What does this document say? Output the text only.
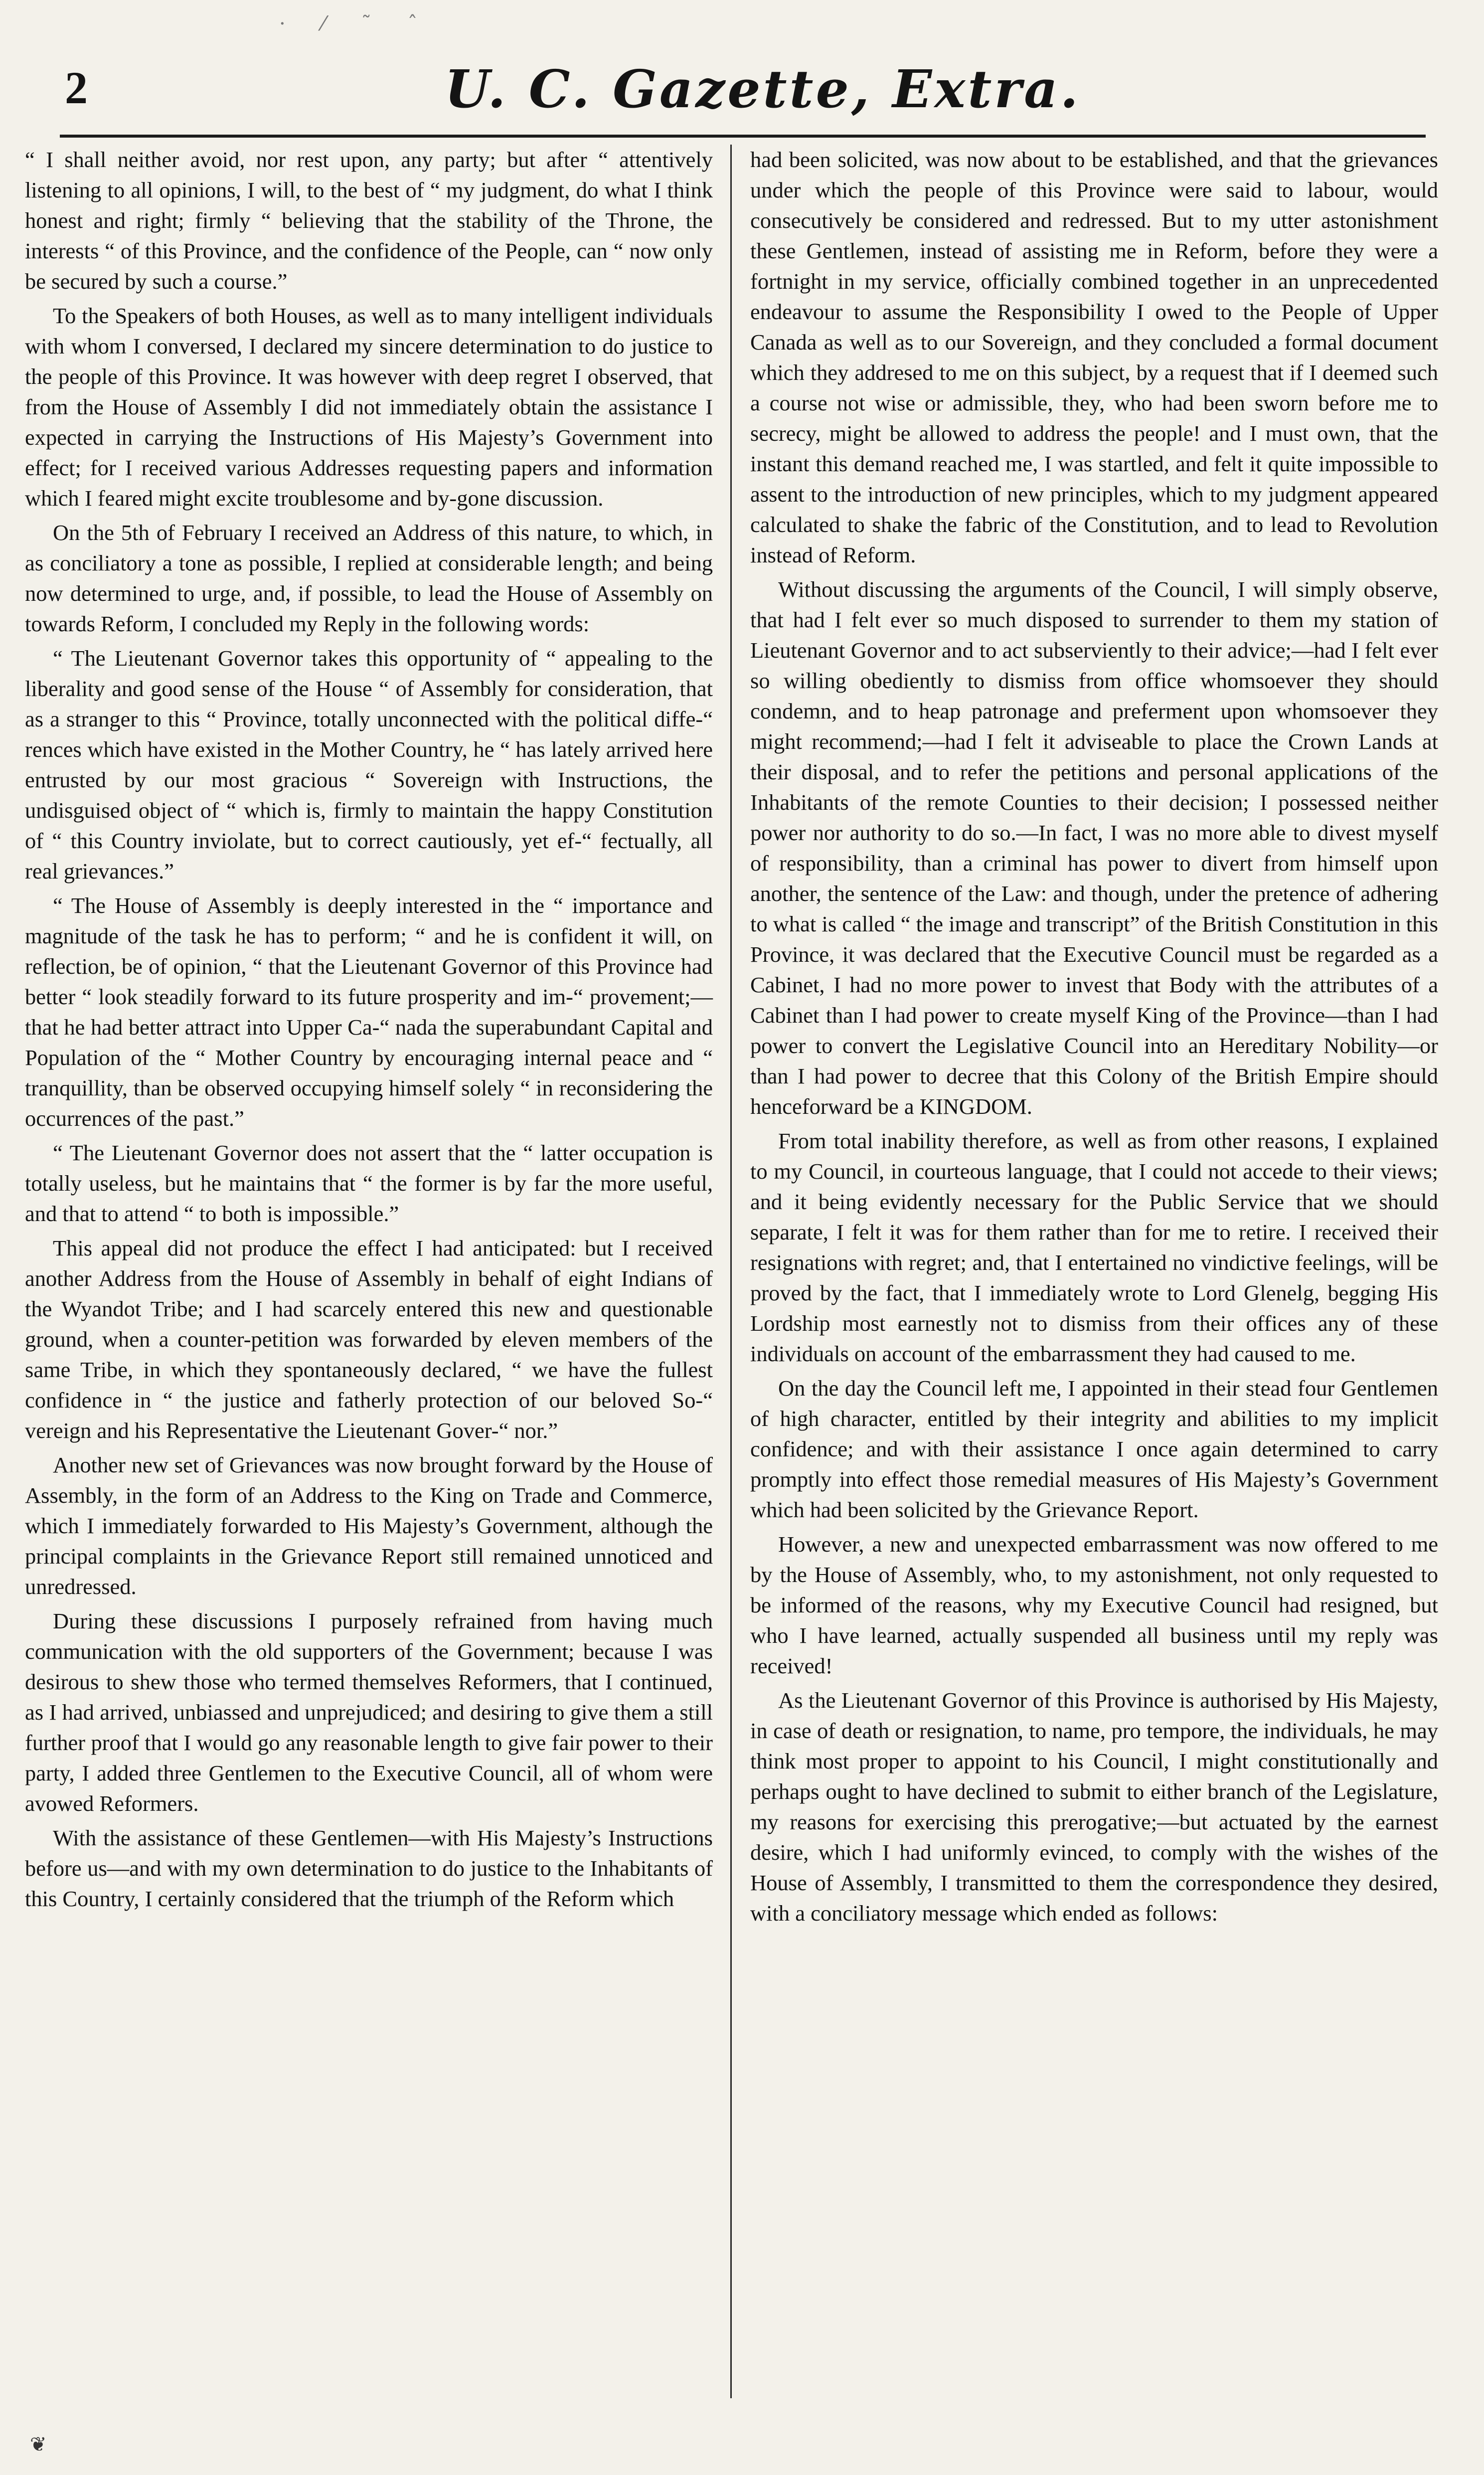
· ⁄ ˜ ˆ
2	U. C. Gazette, Extra.

“ I shall neither avoid, nor rest upon, any party; but after “ attentively listening to all opinions, I will, to the best of “ my judgment, do what I think honest and right; firmly “ believing that the stability of the Throne, the interests “ of this Province, and the confidence of the People, can “ now only be secured by such a course.”

To the Speakers of both Houses, as well as to many intelligent individuals with whom I conversed, I declared my sincere determination to do justice to the people of this Province. It was however with deep regret I observed, that from the House of Assembly I did not immediately obtain the assistance I expected in carrying the Instructions of His Majesty’s Government into effect; for I received various Addresses requesting papers and information which I feared might excite troublesome and by-gone discussion.

On the 5th of February I received an Address of this nature, to which, in as conciliatory a tone as possible, I replied at considerable length; and being now determined to urge, and, if possible, to lead the House of Assembly on towards Reform, I concluded my Reply in the following words:

“ The Lieutenant Governor takes this opportunity of “ appealing to the liberality and good sense of the House “ of Assembly for consideration, that as a stranger to this “ Province, totally unconnected with the political diffe-“ rences which have existed in the Mother Country, he “ has lately arrived here entrusted by our most gracious “ Sovereign with Instructions, the undisguised object of “ which is, firmly to maintain the happy Constitution of “ this Country inviolate, but to correct cautiously, yet ef-“ fectually, all real grievances.”

“ The House of Assembly is deeply interested in the “ importance and magnitude of the task he has to perform; “ and he is confident it will, on reflection, be of opinion, “ that the Lieutenant Governor of this Province had better “ look steadily forward to its future prosperity and im-“ provement;—that he had better attract into Upper Ca-“ nada the superabundant Capital and Population of the “ Mother Country by encouraging internal peace and “ tranquillity, than be observed occupying himself solely “ in reconsidering the occurrences of the past.”

“ The Lieutenant Governor does not assert that the “ latter occupation is totally useless, but he maintains that “ the former is by far the more useful, and that to attend “ to both is impossible.”

This appeal did not produce the effect I had anticipated: but I received another Address from the House of Assembly in behalf of eight Indians of the Wyandot Tribe; and I had scarcely entered this new and questionable ground, when a counter-petition was forwarded by eleven members of the same Tribe, in which they spontaneously declared, “ we have the fullest confidence in “ the justice and fatherly protection of our beloved So-“ vereign and his Representative the Lieutenant Gover-“ nor.”

Another new set of Grievances was now brought forward by the House of Assembly, in the form of an Address to the King on Trade and Commerce, which I immediately forwarded to His Majesty’s Government, although the principal complaints in the Grievance Report still remained unnoticed and unredressed.

During these discussions I purposely refrained from having much communication with the old supporters of the Government; because I was desirous to shew those who termed themselves Reformers, that I continued, as I had arrived, unbiassed and unprejudiced; and desiring to give them a still further proof that I would go any reasonable length to give fair power to their party, I added three Gentlemen to the Executive Council, all of whom were avowed Reformers.

With the assistance of these Gentlemen—with His Majesty’s Instructions before us—and with my own determination to do justice to the Inhabitants of this Country, I certainly considered that the triumph of the Reform which

had been solicited, was now about to be established, and that the grievances under which the people of this Province were said to labour, would consecutively be considered and redressed. But to my utter astonishment these Gentlemen, instead of assisting me in Reform, before they were a fortnight in my service, officially combined together in an unprecedented endeavour to assume the Responsibility I owed to the People of Upper Canada as well as to our Sovereign, and they concluded a formal document which they addresed to me on this subject, by a request that if I deemed such a course not wise or admissible, they, who had been sworn before me to secrecy, might be allowed to address the people! and I must own, that the instant this demand reached me, I was startled, and felt it quite impossible to assent to the introduction of new principles, which to my judgment appeared calculated to shake the fabric of the Constitution, and to lead to Revolution instead of Reform.

Without discussing the arguments of the Council, I will simply observe, that had I felt ever so much disposed to surrender to them my station of Lieutenant Governor and to act subserviently to their advice;—had I felt ever so willing obediently to dismiss from office whomsoever they should condemn, and to heap patronage and preferment upon whomsoever they might recommend;—had I felt it adviseable to place the Crown Lands at their disposal, and to refer the petitions and personal applications of the Inhabitants of the remote Counties to their decision; I possessed neither power nor authority to do so.—In fact, I was no more able to divest myself of responsibility, than a criminal has power to divert from himself upon another, the sentence of the Law: and though, under the pretence of adhering to what is called “ the image and transcript” of the British Constitution in this Province, it was declared that the Executive Council must be regarded as a Cabinet, I had no more power to invest that Body with the attributes of a Cabinet than I had power to create myself King of the Province—than I had power to convert the Legislative Council into an Hereditary Nobility—or than I had power to decree that this Colony of the British Empire should henceforward be a KINGDOM.

From total inability therefore, as well as from other reasons, I explained to my Council, in courteous language, that I could not accede to their views; and it being evidently necessary for the Public Service that we should separate, I felt it was for them rather than for me to retire. I received their resignations with regret; and, that I entertained no vindictive feelings, will be proved by the fact, that I immediately wrote to Lord Glenelg, begging His Lordship most earnestly not to dismiss from their offices any of these individuals on account of the embarrassment they had caused to me.

On the day the Council left me, I appointed in their stead four Gentlemen of high character, entitled by their integrity and abilities to my implicit confidence; and with their assistance I once again determined to carry promptly into effect those remedial measures of His Majesty’s Government which had been solicited by the Grievance Report.

However, a new and unexpected embarrassment was now offered to me by the House of Assembly, who, to my astonishment, not only requested to be informed of the reasons, why my Executive Council had resigned, but who I have learned, actually suspended all business until my reply was received!

As the Lieutenant Governor of this Province is authorised by His Majesty, in case of death or resignation, to name, pro tempore, the individuals, he may think most proper to appoint to his Council, I might constitutionally and perhaps ought to have declined to submit to either branch of the Legislature, my reasons for exercising this prerogative;—but actuated by the earnest desire, which I had uniformly evinced, to comply with the wishes of the House of Assembly, I transmitted to them the correspondence they desired, with a conciliatory message which ended as follows:

❦
